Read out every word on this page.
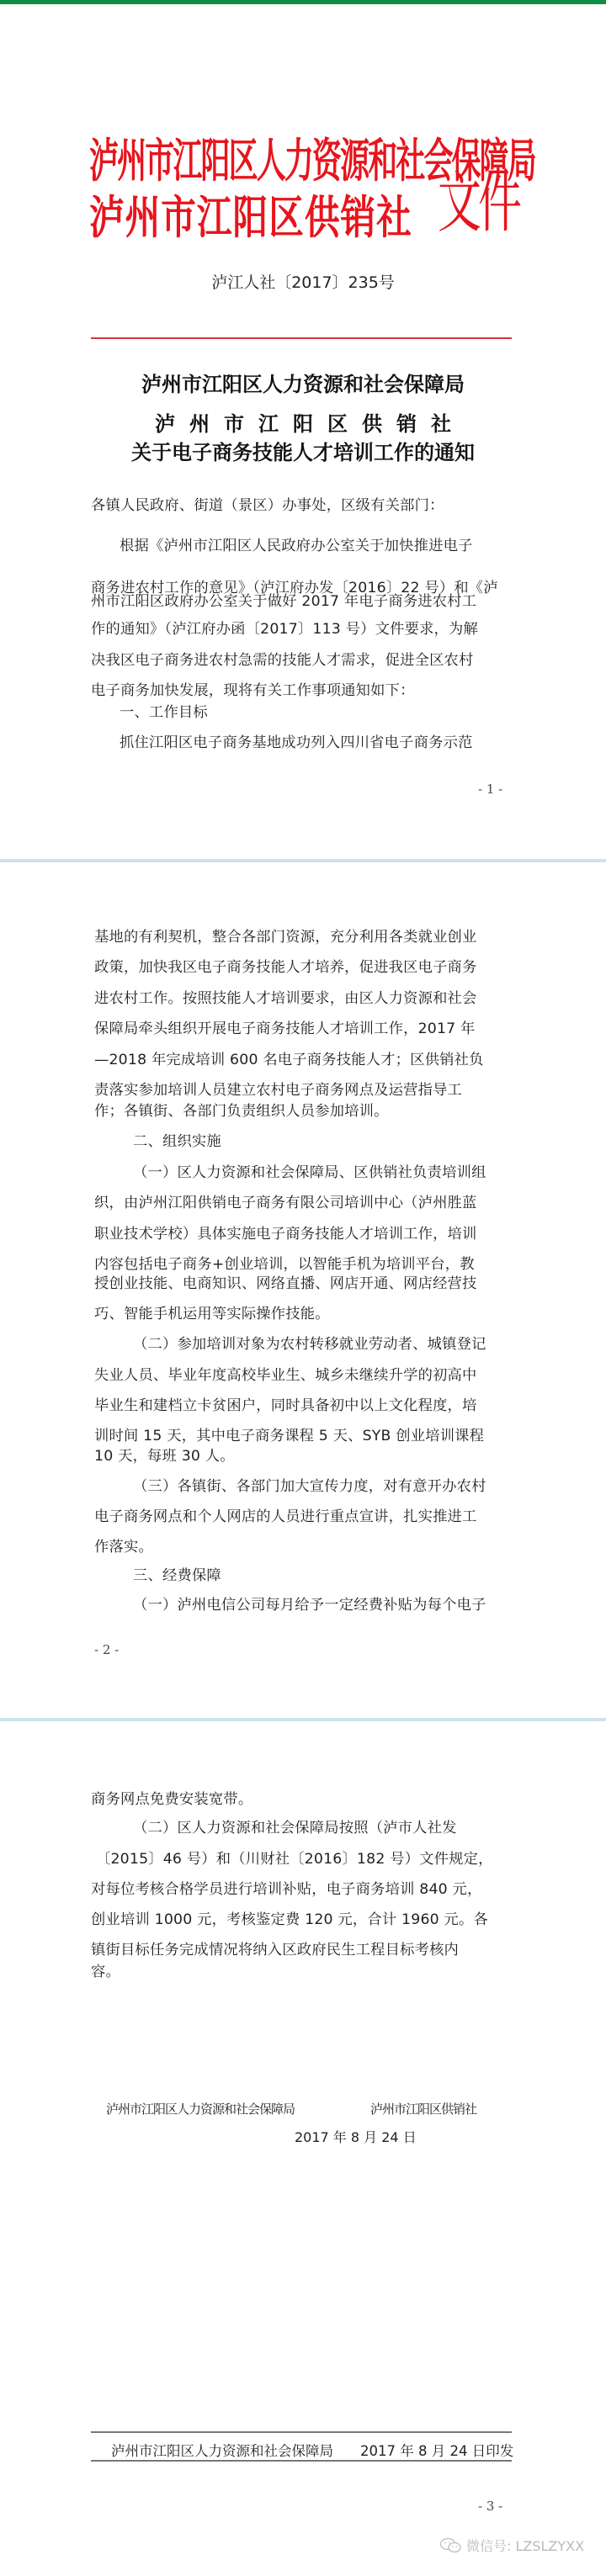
泸州市江阳区人力资源和社会保障局
泸州市江阳区供销社 文件
泸江人社〔2017〕235号
泸州市江阳区人力资源和社会保障局
泸州市江阳区供销社
关于电子商务技能人才培训工作的通知
各镇人民政府、街道（景区）办事处，区级有关部门：
根据《泸州市江阳区人民政府办公室关于加快推进电子
商务进农村工作的意见》（泸江府办发〔2016〕22 号）和《泸
州市江阳区政府办公室关于做好 2017 年电子商务进农村工
作的通知》（泸江府办函〔2017〕113 号）文件要求，为解
决我区电子商务进农村急需的技能人才需求，促进全区农村
电子商务加快发展，现将有关工作事项通知如下：
一、工作目标
抓住江阳区电子商务基地成功列入四川省电子商务示范
- 1 -
基地的有利契机，整合各部门资源，充分利用各类就业创业
政策，加快我区电子商务技能人才培养，促进我区电子商务
进农村工作。按照技能人才培训要求，由区人力资源和社会
保障局牵头组织开展电子商务技能人才培训工作，2017 年
—2018 年完成培训 600 名电子商务技能人才；区供销社负
责落实参加培训人员建立农村电子商务网点及运营指导工
作；各镇街、各部门负责组织人员参加培训。
二、组织实施
（一）区人力资源和社会保障局、区供销社负责培训组
织，由泸州江阳供销电子商务有限公司培训中心（泸州胜蓝
职业技术学校）具体实施电子商务技能人才培训工作，培训
内容包括电子商务+创业培训，以智能手机为培训平台，教
授创业技能、电商知识、网络直播、网店开通、网店经营技
巧、智能手机运用等实际操作技能。
（二）参加培训对象为农村转移就业劳动者、城镇登记
失业人员、毕业年度高校毕业生、城乡未继续升学的初高中
毕业生和建档立卡贫困户，同时具备初中以上文化程度，培
训时间 15 天，其中电子商务课程 5 天、SYB 创业培训课程
10 天，每班 30 人。
（三）各镇街、各部门加大宣传力度，对有意开办农村
电子商务网点和个人网店的人员进行重点宣讲，扎实推进工
作落实。
三、经费保障
（一）泸州电信公司每月给予一定经费补贴为每个电子
- 2 -
商务网点免费安装宽带。
（二）区人力资源和社会保障局按照（泸市人社发
〔2015〕46 号）和（川财社〔2016〕182 号）文件规定，
对每位考核合格学员进行培训补贴，电子商务培训 840 元，
创业培训 1000 元，考核鉴定费 120 元，合计 1960 元。各
镇街目标任务完成情况将纳入区政府民生工程目标考核内
容。
泸州市江阳区人力资源和社会保障局	泸州市江阳区供销社
2017 年 8 月 24 日
泸州市江阳区人力资源和社会保障局 2017 年 8 月 24 日印发
- 3 -
微信号: LZSLZYXX
